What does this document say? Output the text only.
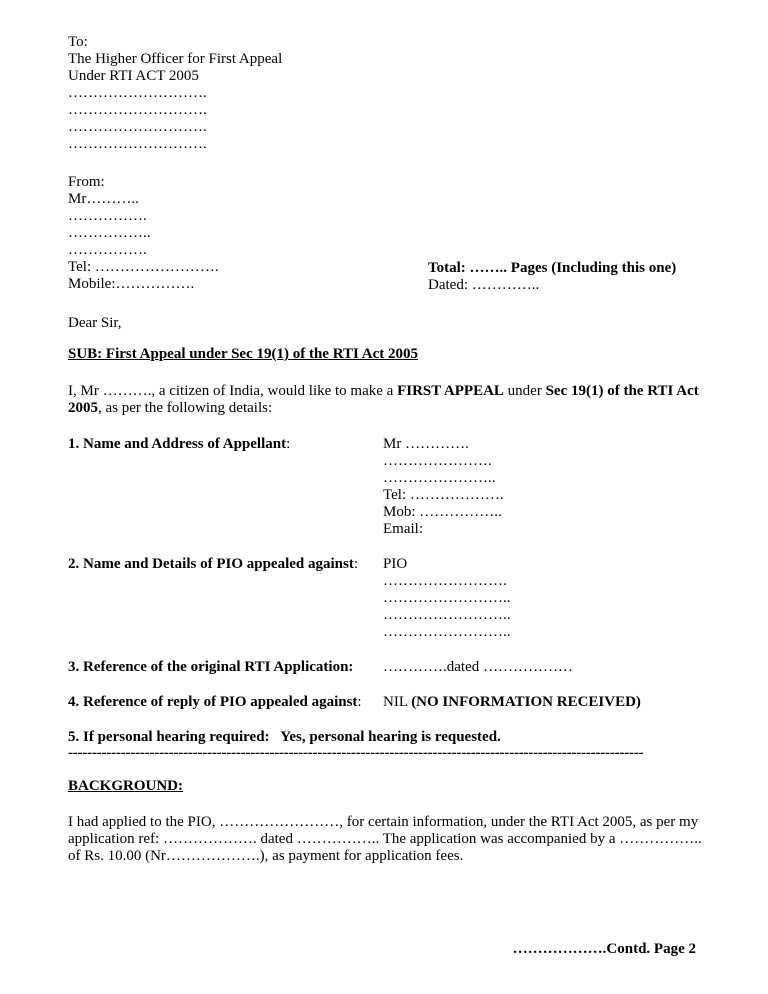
To:
The Higher Officer for First Appeal
Under RTI ACT 2005
……………………….
……………………….
……………………….
……………………….
From:
Mr………..
…………….
……………..
…………….
Tel: …………………….
Mobile:…………….
Total: …….. Pages (Including this one)
Dated: …………..
Dear Sir,
SUB: First Appeal under Sec 19(1) of the RTI Act 2005
I, Mr ………., a citizen of India, would like to make a FIRST APPEAL under Sec 19(1) of the RTI Act
2005, as per the following details:
1. Name and Address of Appellant:	Mr ………….
………………….
…………………..
Tel: ……………….
Mob: ……………..
Email:
2. Name and Details of PIO appealed against: PIO
…………………….
……………………..
……………………..
……………………..
3. Reference of the original RTI Application: ………….dated ………………
4. Reference of reply of PIO appealed against: NIL (NO INFORMATION RECEIVED)
5. If personal hearing required:   Yes, personal hearing is requested.
------------------------------------------------------------------------------------------------------------------------
BACKGROUND:
I had applied to the PIO, ……………………, for certain information, under the RTI Act 2005, as per my
application ref: ………………. dated …………….. The application was accompanied by a ……………..
of Rs. 10.00 (Nr……………….), as payment for application fees.
……………….Contd. Page 2
